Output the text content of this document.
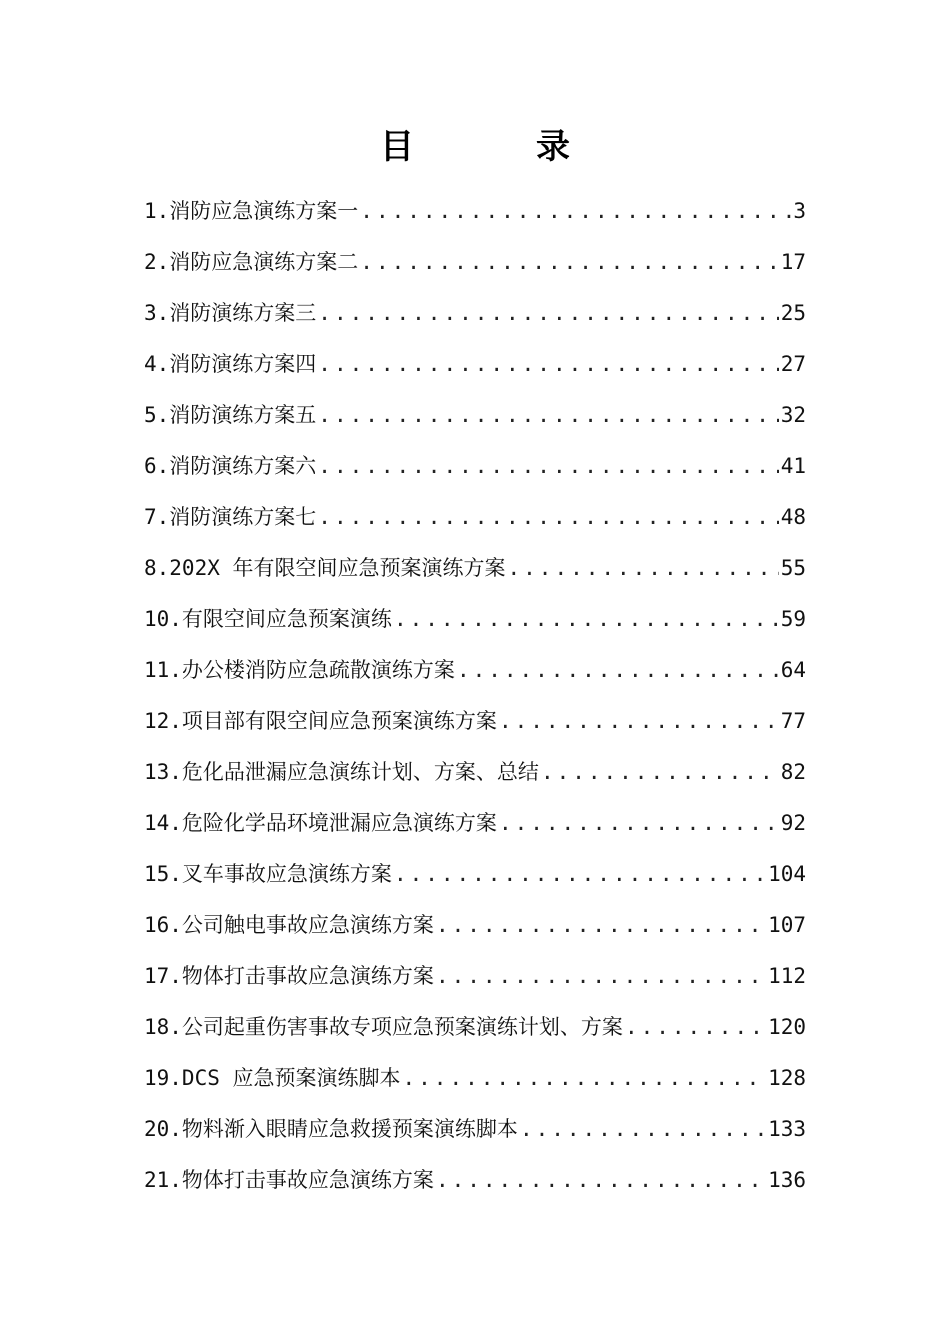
目　录
1.消防应急演练方案一 .....	3
2.消防应急演练方案二 .....	17
3.消防演练方案三 .....	25
4.消防演练方案四 .....	27
5.消防演练方案五 .....	32
6.消防演练方案六 .....	41
7.消防演练方案七 .....	48
8.202X 年有限空间应急预案演练方案 .....	55
10.有限空间应急预案演练 .....	59
11.办公楼消防应急疏散演练方案 .....	64
12.项目部有限空间应急预案演练方案 .....	77
13.危化品泄漏应急演练计划、方案、总结 .....	82
14.危险化学品环境泄漏应急演练方案 .....	92
15.叉车事故应急演练方案 .....	104
16.公司触电事故应急演练方案 .....	107
17.物体打击事故应急演练方案 .....	112
18.公司起重伤害事故专项应急预案演练计划、方案 .....	120
19.DCS 应急预案演练脚本 .....	128
20.物料渐入眼睛应急救援预案演练脚本 .....	133
21.物体打击事故应急演练方案 .....	136
